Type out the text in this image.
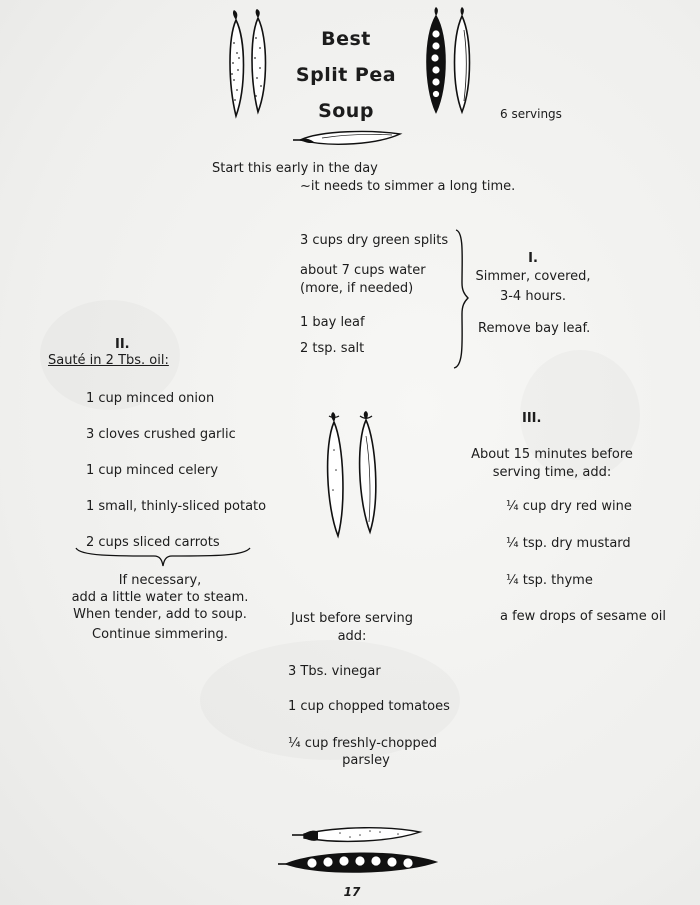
Best
Split Pea
Soup	6 servings
Start this early in the day
~it needs to simmer a long time.
3 cups dry green splits
about 7 cups water
(more, if needed)
1 bay leaf
2 tsp. salt
I.
Simmer, covered,
3-4 hours.
Remove bay leaf.
II.
Sauté in 2 Tbs. oil:
1 cup minced onion
3 cloves crushed garlic
1 cup minced celery
1 small, thinly-sliced potato
2 cups sliced carrots
If necessary,
add a little water to steam.
When tender, add to soup.
Continue simmering.
III.
About 15 minutes before
serving time, add:
¼ cup dry red wine
¼ tsp. dry mustard
¼ tsp. thyme
a few drops of sesame oil
Just before serving
add:
3 Tbs. vinegar
1 cup chopped tomatoes
¼ cup freshly-chopped
parsley
17
